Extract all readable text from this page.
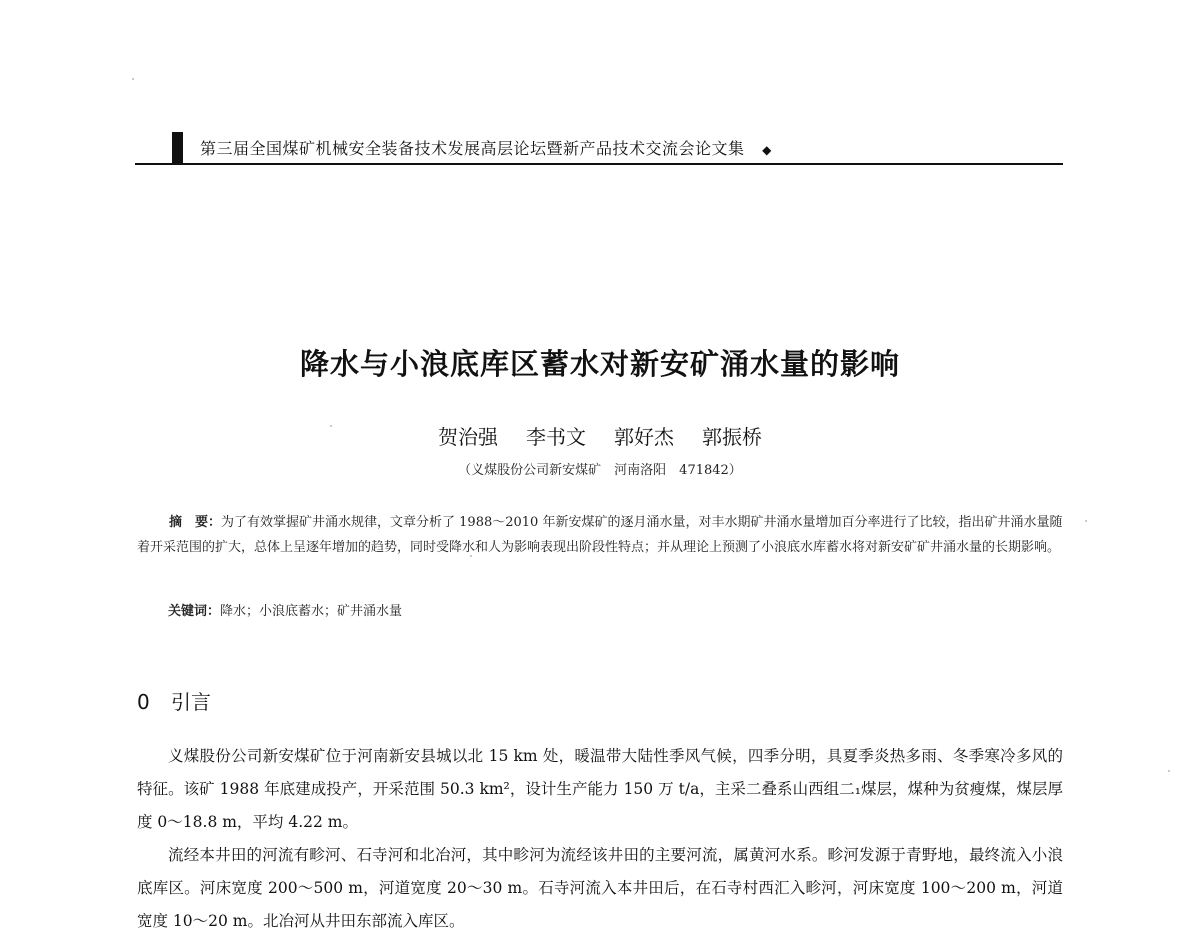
第三届全国煤矿机械安全装备技术发展高层论坛暨新产品技术交流会论文集 ◆
降水与小浪底库区蓄水对新安矿涌水量的影响
贺治强 李书文 郭好杰 郭振桥
（义煤股份公司新安煤矿　河南洛阳　471842）
摘　要：为了有效掌握矿井涌水规律，文章分析了 1988～2010 年新安煤矿的逐月涌水量，对丰水期矿井涌水量增加百分率进行了比较，指出矿井涌水量随着开采范围的扩大，总体上呈逐年增加的趋势，同时受降水和人为影响表现出阶段性特点；并从理论上预测了小浪底水库蓄水将对新安矿矿井涌水量的长期影响。
关键词：降水；小浪底蓄水；矿井涌水量
0 引言

义煤股份公司新安煤矿位于河南新安县城以北 15 km 处，暖温带大陆性季风气候，四季分明，具夏季炎热多雨、冬季寒冷多风的特征。该矿 1988 年底建成投产，开采范围 50.3 km²，设计生产能力 150 万 t/a，主采二叠系山西组二₁煤层，煤种为贫瘦煤，煤层厚度 0～18.8 m，平均 4.22 m。

流经本井田的河流有畛河、石寺河和北冶河，其中畛河为流经该井田的主要河流，属黄河水系。畛河发源于青野地，最终流入小浪底库区。河床宽度 200～500 m，河道宽度 20～30 m。石寺河流入本井田后，在石寺村西汇入畛河，河床宽度 100～200 m，河道宽度 10～20 m。北冶河从井田东部流入库区。
